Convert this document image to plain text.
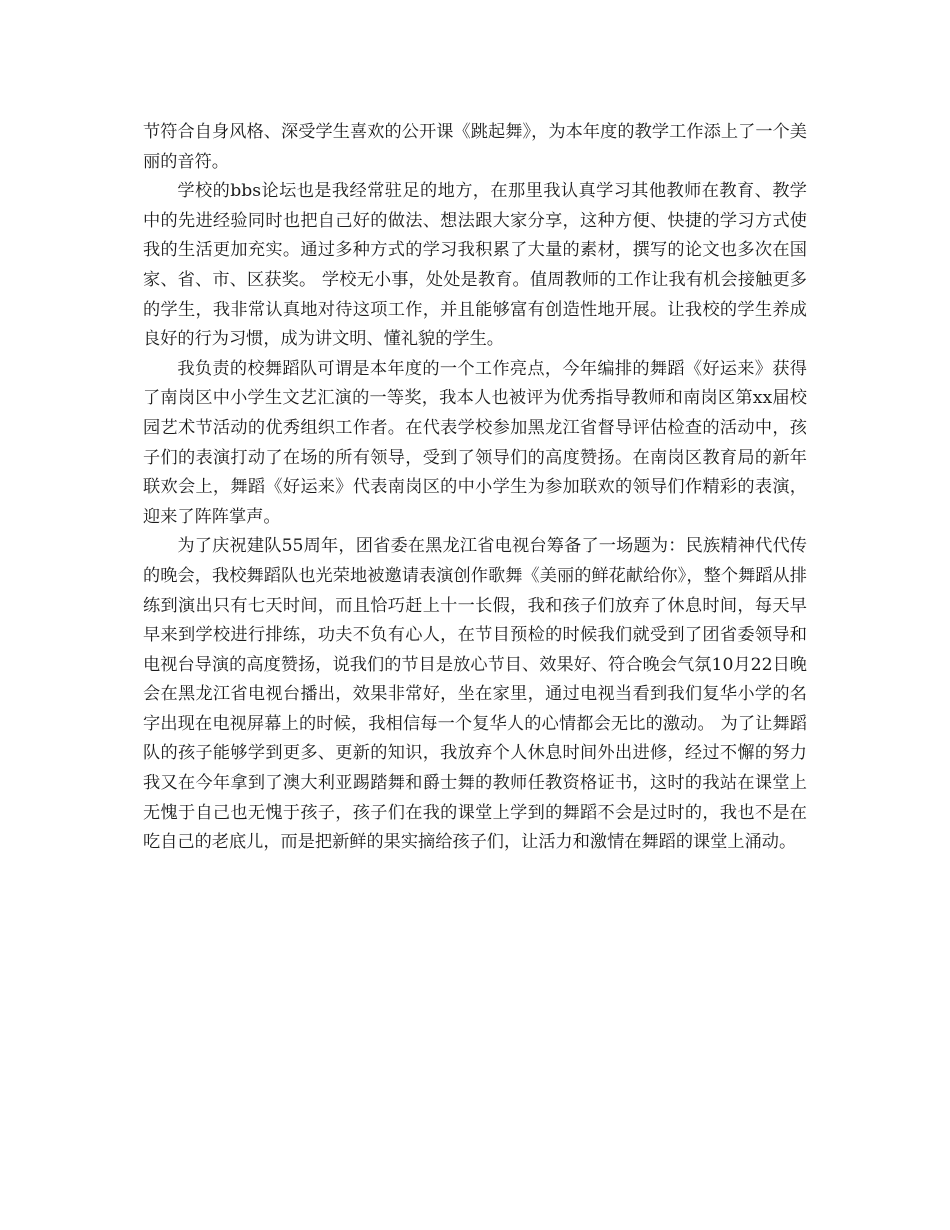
节符合自身风格、深受学生喜欢的公开课《跳起舞》，为本年度的教学工作添上了一个美丽的音符。

学校的bbs论坛也是我经常驻足的地方，在那里我认真学习其他教师在教育、教学中的先进经验同时也把自己好的做法、想法跟大家分享，这种方便、快捷的学习方式使我的生活更加充实。通过多种方式的学习我积累了大量的素材，撰写的论文也多次在国家、省、市、区获奖。 学校无小事，处处是教育。值周教师的工作让我有机会接触更多的学生，我非常认真地对待这项工作，并且能够富有创造性地开展。让我校的学生养成良好的行为习惯，成为讲文明、懂礼貌的学生。

我负责的校舞蹈队可谓是本年度的一个工作亮点，今年编排的舞蹈《好运来》获得了南岗区中小学生文艺汇演的一等奖，我本人也被评为优秀指导教师和南岗区第xx届校园艺术节活动的优秀组织工作者。在代表学校参加黑龙江省督导评估检查的活动中，孩子们的表演打动了在场的所有领导，受到了领导们的高度赞扬。在南岗区教育局的新年联欢会上，舞蹈《好运来》代表南岗区的中小学生为参加联欢的领导们作精彩的表演，迎来了阵阵掌声。

为了庆祝建队55周年，团省委在黑龙江省电视台筹备了一场题为：民族精神代代传的晚会，我校舞蹈队也光荣地被邀请表演创作歌舞《美丽的鲜花献给你》，整个舞蹈从排练到演出只有七天时间，而且恰巧赶上十一长假，我和孩子们放弃了休息时间，每天早早来到学校进行排练，功夫不负有心人，在节目预检的时候我们就受到了团省委领导和电视台导演的高度赞扬，说我们的节目是放心节目、效果好、符合晚会气氛10月22日晚会在黑龙江省电视台播出，效果非常好，坐在家里，通过电视当看到我们复华小学的名字出现在电视屏幕上的时候，我相信每一个复华人的心情都会无比的激动。 为了让舞蹈队的孩子能够学到更多、更新的知识，我放弃个人休息时间外出进修，经过不懈的努力我又在今年拿到了澳大利亚踢踏舞和爵士舞的教师任教资格证书，这时的我站在课堂上无愧于自己也无愧于孩子，孩子们在我的课堂上学到的舞蹈不会是过时的，我也不是在吃自己的老底儿，而是把新鲜的果实摘给孩子们，让活力和激情在舞蹈的课堂上涌动。
